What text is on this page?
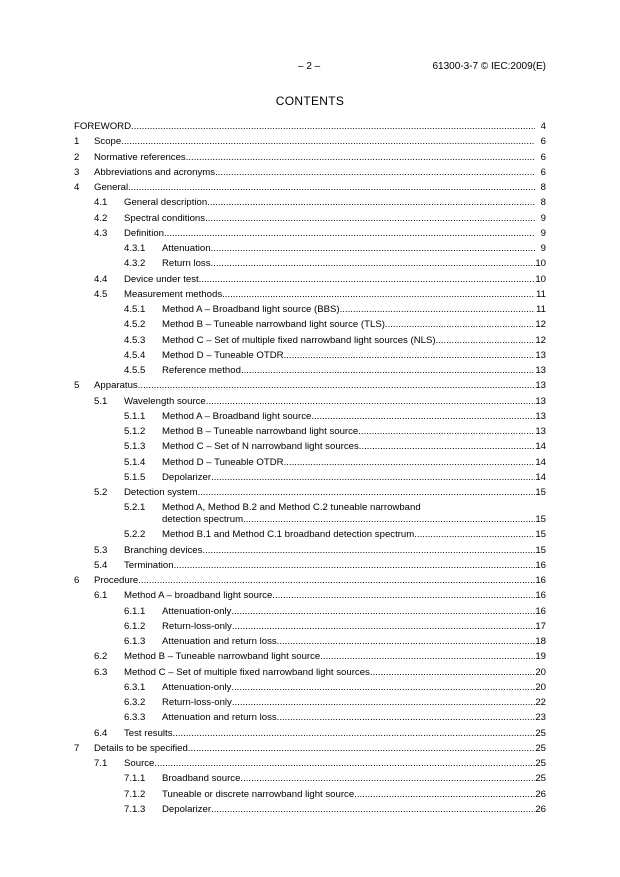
– 2 –	61300-3-7 © IEC:2009(E)
CONTENTS
FOREWORD .....	4
1 Scope .....	6
2 Normative references .....	6
3 Abbreviations and acronyms .....	6
4 General .....	8
4.1 General description .....	8
4.2 Spectral conditions .....	9
4.3 Definition .....	9
4.3.1 Attenuation .....	9
4.3.2 Return loss .....	10
4.4 Device under test .....	10
4.5 Measurement methods .....	11
4.5.1 Method A – Broadband light source (BBS) .....	11
4.5.2 Method B – Tuneable narrowband light source (TLS) .....	12
4.5.3 Method C – Set of multiple fixed narrowband light sources (NLS) .....	12
4.5.4 Method D – Tuneable OTDR .....	13
4.5.5 Reference method .....	13
5 Apparatus .....	13
5.1 Wavelength source .....	13
5.1.1 Method A – Broadband light source .....	13
5.1.2 Method B – Tuneable narrowband light source .....	13
5.1.3 Method C – Set of N narrowband light sources .....	14
5.1.4 Method D – Tuneable OTDR .....	14
5.1.5 Depolarizer .....	14
5.2 Detection system .....	15
5.2.1 Method A, Method B.2 and Method C.2 tuneable narrowband
detection spectrum .....	15
5.2.2 Method B.1 and Method C.1 broadband detection spectrum .....	15
5.3 Branching devices .....	15
5.4 Termination .....	16
6 Procedure .....	16
6.1 Method A – broadband light source .....	16
6.1.1 Attenuation-only .....	16
6.1.2 Return-loss-only .....	17
6.1.3 Attenuation and return loss .....	18
6.2 Method B – Tuneable narrowband light source .....	19
6.3 Method C – Set of multiple fixed narrowband light sources .....	20
6.3.1 Attenuation-only .....	20
6.3.2 Return-loss-only .....	22
6.3.3 Attenuation and return loss .....	23
6.4 Test results .....	25
7 Details to be specified .....	25
7.1 Source .....	25
7.1.1 Broadband source .....	25
7.1.2 Tuneable or discrete narrowband light source .....	26
7.1.3 Depolarizer .....	26
